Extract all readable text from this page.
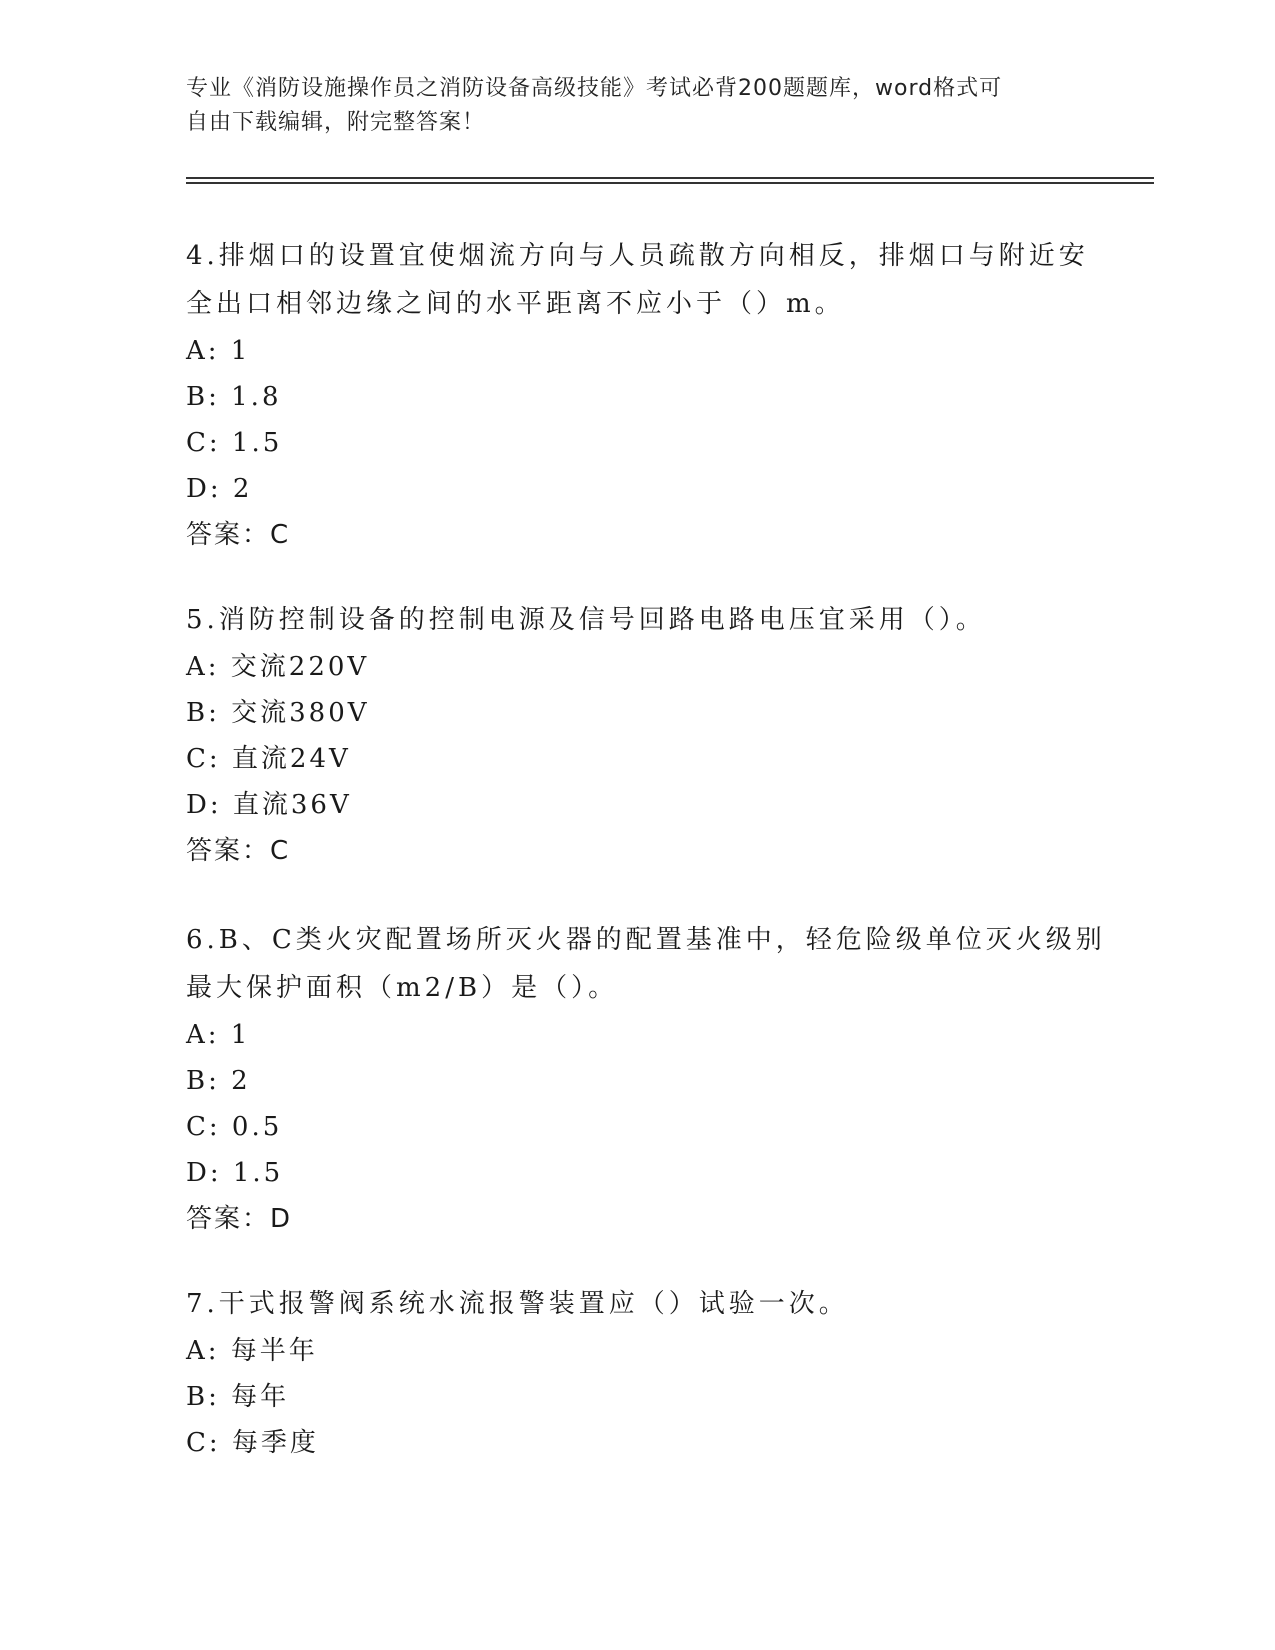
专业《消防设施操作员之消防设备高级技能》考试必背200题题库，word格式可
自由下载编辑，附完整答案！
4.排烟口的设置宜使烟流方向与人员疏散方向相反，排烟口与附近安
全出口相邻边缘之间的水平距离不应小于（）m。
A: 1
B: 1.8
C: 1.5
D: 2
答案：C
5.消防控制设备的控制电源及信号回路电路电压宜采用（）。
A: 交流220V
B: 交流380V
C: 直流24V
D: 直流36V
答案：C
6.B、C类火灾配置场所灭火器的配置基准中，轻危险级单位灭火级别
最大保护面积（m2/B）是（）。
A: 1
B: 2
C: 0.5
D: 1.5
答案：D
7.干式报警阀系统水流报警装置应（）试验一次。
A: 每半年
B: 每年
C: 每季度
